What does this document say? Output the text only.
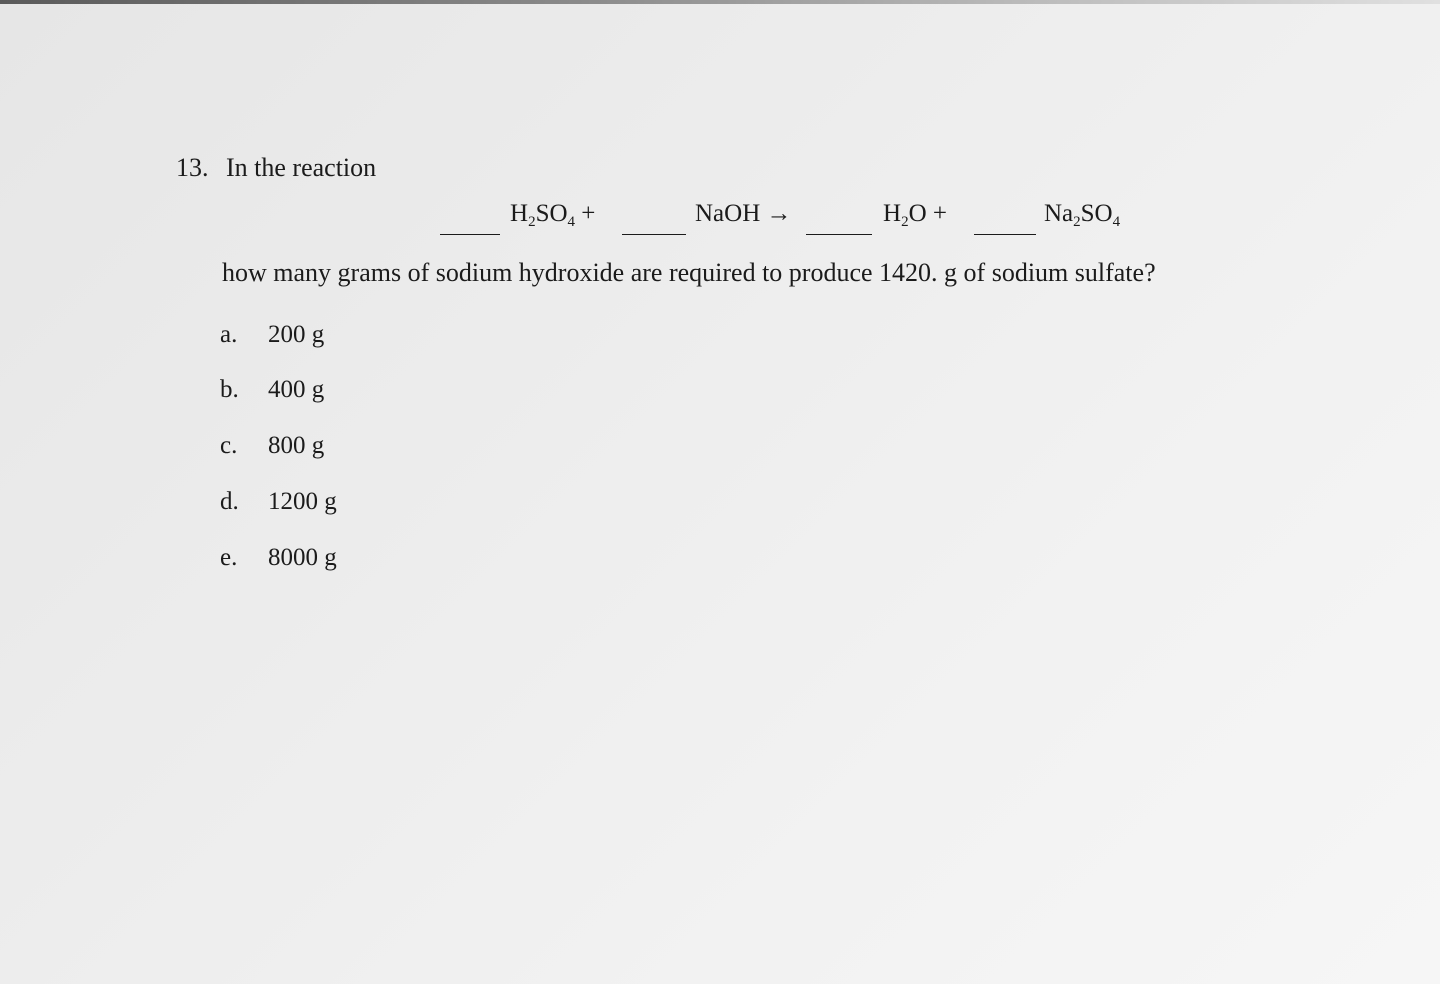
13. In the reaction
$H_2SO_4$ +	NaOH →	$H_2O$ +	$Na_2SO_4$
how many grams of sodium hydroxide are required to produce 1420. g of sodium sulfate?
a. 200 g
b. 400 g
c. 800 g
d. 1200 g
e. 8000 g
